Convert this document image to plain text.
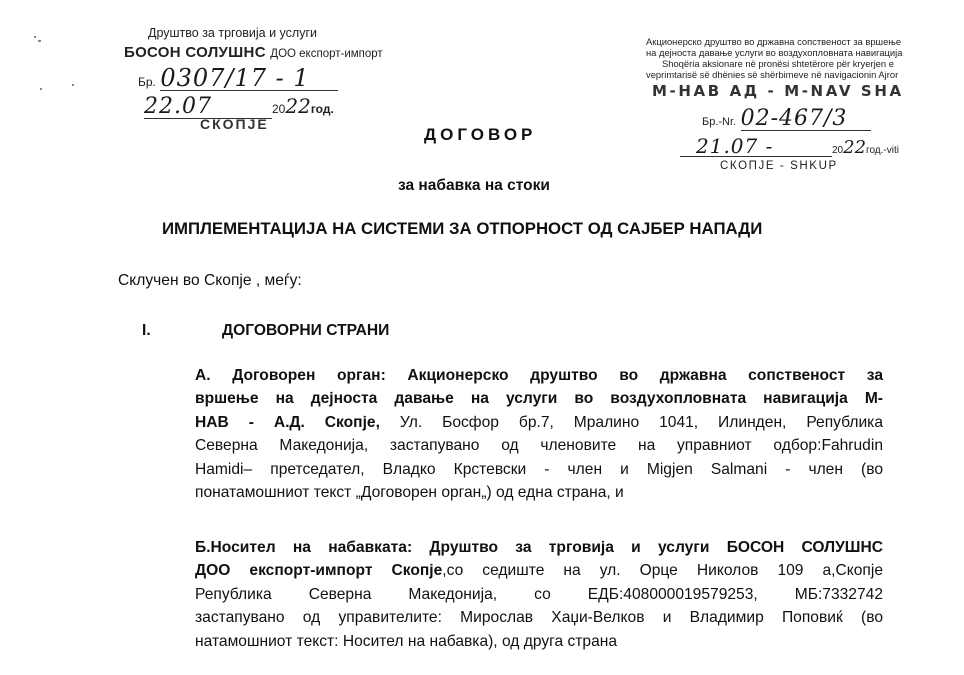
Друштво за трговија и услуги
БОСОН СОЛУШНС ДОО експорт-импорт
Бр. 0307/17 - 1
22.07	2022год.
СКОПЈЕ
Акционерско друштво во државна сопственост за вршење
на дејноста давање услуги во воздухопловната навигација
Shoqëria aksionare në pronësi shtetërore për kryerjen e
veprimtarisë së dhënies së shërbimeve në navigacionin Ajror
М-НАВ АД - M-NAV SHA
Бр.-Nr. 02-467/3
21.07 -	2022год.-viti
СКОПЈЕ - SHKUP
ДОГОВОР
за набавка на стоки
ИМПЛЕМЕНТАЦИЈА НА СИСТЕМИ ЗА ОТПОРНОСТ ОД САЈБЕР НАПАДИ
Склучен во Скопје , меѓу:
I.	ДОГОВОРНИ СТРАНИ
А. Договорен орган: Акционерско друштво во државна сопственост за
вршење на дејноста давање на услуги во воздухопловната навигација М-
НАВ - А.Д. Скопје, Ул. Босфор бр.7, Мралино 1041, Илинден, Република
Северна Македонија, застапувано од членовите на управниот одбор:Fahrudin
Hamidi– претседател, Владко Крстевски - член и Migjen Salmani - член (во
понатамошниот текст „Договорен орган„) од една страна, и
Б.Носител на набавката: Друштво за трговија и услуги БОСОН СОЛУШНС
ДОО експорт-импорт Скопје,со седиште на ул. Орце Николов 109 а,Скопје
Република Северна Македонија, со ЕДБ:408000019579253, МБ:7332742
застапувано од управителите: Мирослав Хаџи-Велков и Владимир Поповиќ (во
натамошниот текст: Носител на набавка), од друга страна
